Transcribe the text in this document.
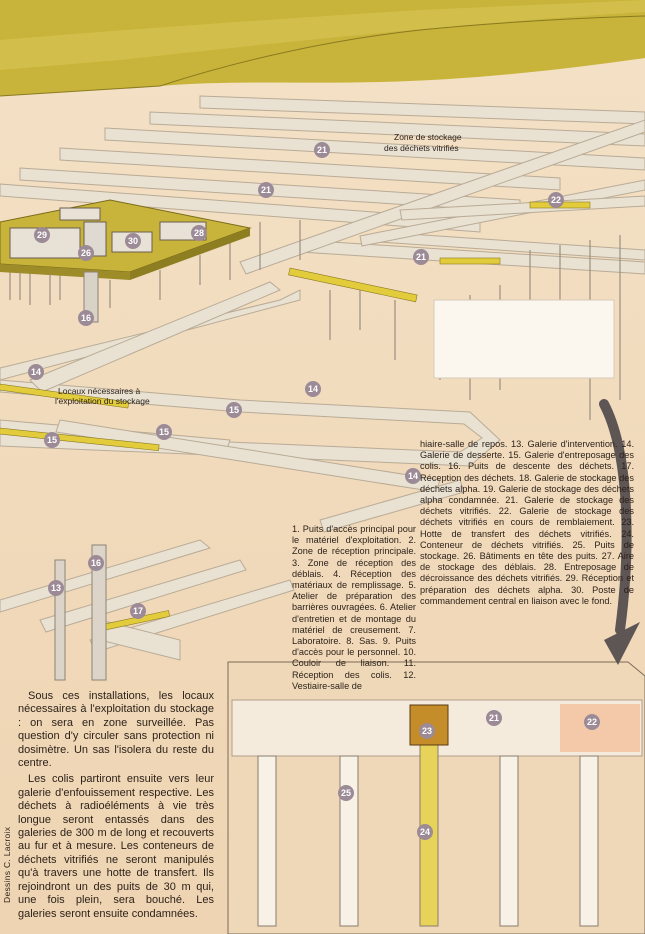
Zone de stockage
des déchets vitrifiés
Locaux nécessaires à
l'exploitation du stockage
21
21
22
21
29
30
28
26
16
14
14
15
15
14
15
16
13
17
21	22
23
25
24
1. Puits d'accès principal pour le matériel d'exploitation. 2. Zone de réception principale. 3. Zone de réception des déblais. 4. Réception des matériaux de remplissage. 5. Atelier de préparation des barrières ouvragées. 6. Atelier d'entretien et de montage du matériel de creusement. 7. Laboratoire. 8. Sas. 9. Puits d'accès pour le personnel. 10. Couloir de liaison. 11. Réception des colis. 12. Vestiaire-salle de
hiaire-salle de repos. 13. Galerie d'intervention. 14. Galerie de desserte. 15. Galerie d'entreposage des colis. 16. Puits de descente des déchets. 17. Réception des déchets. 18. Galerie de stockage des déchets alpha. 19. Galerie de stockage des déchets alpha condamnée. 21. Galerie de stockage des déchets vitrifiés. 22. Galerie de stockage des déchets vitrifiés en cours de remblaiement. 23. Hotte de transfert des déchets vitrifiés. 24. Conteneur de déchets vitrifiés. 25. Puits de stockage. 26. Bâtiments en tête des puits. 27. Aire de stockage des déblais. 28. Entreposage de décroissance des déchets vitrifiés. 29. Réception et préparation des déchets alpha. 30. Poste de commandement central en liaison avec le fond.

Sous ces installations, les locaux nécessaires à l'exploitation du stockage : on sera en zone surveillée. Pas question d'y circuler sans protection ni dosimètre. Un sas l'isolera du reste du centre.

Les colis partiront ensuite vers leur galerie d'enfouissement respective. Les déchets à radioéléments à vie très longue seront entassés dans des galeries de 300 m de long et recouverts au fur et à mesure. Les conteneurs de déchets vitrifiés ne seront manipulés qu'à travers une hotte de transfert. Ils rejoindront un des puits de 30 m qui, une fois plein, sera bouché. Les galeries seront ensuite condamnées.

Dessins C. Lacroix
